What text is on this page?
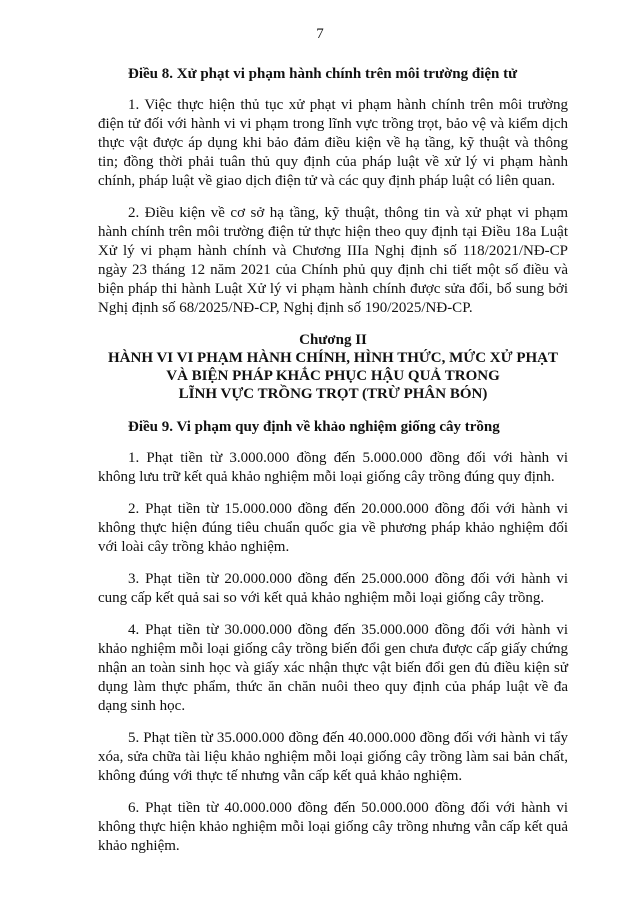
7
Điều 8. Xử phạt vi phạm hành chính trên môi trường điện tử

1. Việc thực hiện thủ tục xử phạt vi phạm hành chính trên môi trường điện tử đối với hành vi vi phạm trong lĩnh vực trồng trọt, bảo vệ và kiểm dịch thực vật được áp dụng khi bảo đảm điều kiện về hạ tầng, kỹ thuật và thông tin; đồng thời phải tuân thủ quy định của pháp luật về xử lý vi phạm hành chính, pháp luật về giao dịch điện tử và các quy định pháp luật có liên quan.

2. Điều kiện về cơ sở hạ tầng, kỹ thuật, thông tin và xử phạt vi phạm hành chính trên môi trường điện tử thực hiện theo quy định tại Điều 18a Luật Xử lý vi phạm hành chính và Chương IIIa Nghị định số 118/2021/NĐ-CP ngày 23 tháng 12 năm 2021 của Chính phủ quy định chi tiết một số điều và biện pháp thi hành Luật Xử lý vi phạm hành chính được sửa đổi, bổ sung bởi Nghị định số 68/2025/NĐ-CP, Nghị định số 190/2025/NĐ-CP.

Chương II
HÀNH VI VI PHẠM HÀNH CHÍNH, HÌNH THỨC, MỨC XỬ PHẠT
VÀ BIỆN PHÁP KHẮC PHỤC HẬU QUẢ TRONG
LĨNH VỰC TRỒNG TRỌT (TRỪ PHÂN BÓN)
Điều 9. Vi phạm quy định về khảo nghiệm giống cây trồng

1. Phạt tiền từ 3.000.000 đồng đến 5.000.000 đồng đối với hành vi không lưu trữ kết quả khảo nghiệm mỗi loại giống cây trồng đúng quy định.

2. Phạt tiền từ 15.000.000 đồng đến 20.000.000 đồng đối với hành vi không thực hiện đúng tiêu chuẩn quốc gia về phương pháp khảo nghiệm đối với loài cây trồng khảo nghiệm.

3. Phạt tiền từ 20.000.000 đồng đến 25.000.000 đồng đối với hành vi cung cấp kết quả sai so với kết quả khảo nghiệm mỗi loại giống cây trồng.

4. Phạt tiền từ 30.000.000 đồng đến 35.000.000 đồng đối với hành vi khảo nghiệm mỗi loại giống cây trồng biến đổi gen chưa được cấp giấy chứng nhận an toàn sinh học và giấy xác nhận thực vật biến đổi gen đủ điều kiện sử dụng làm thực phẩm, thức ăn chăn nuôi theo quy định của pháp luật về đa dạng sinh học.

5. Phạt tiền từ 35.000.000 đồng đến 40.000.000 đồng đối với hành vi tẩy xóa, sửa chữa tài liệu khảo nghiệm mỗi loại giống cây trồng làm sai bản chất, không đúng với thực tế nhưng vẫn cấp kết quả khảo nghiệm.

6. Phạt tiền từ 40.000.000 đồng đến 50.000.000 đồng đối với hành vi không thực hiện khảo nghiệm mỗi loại giống cây trồng nhưng vẫn cấp kết quả khảo nghiệm.
